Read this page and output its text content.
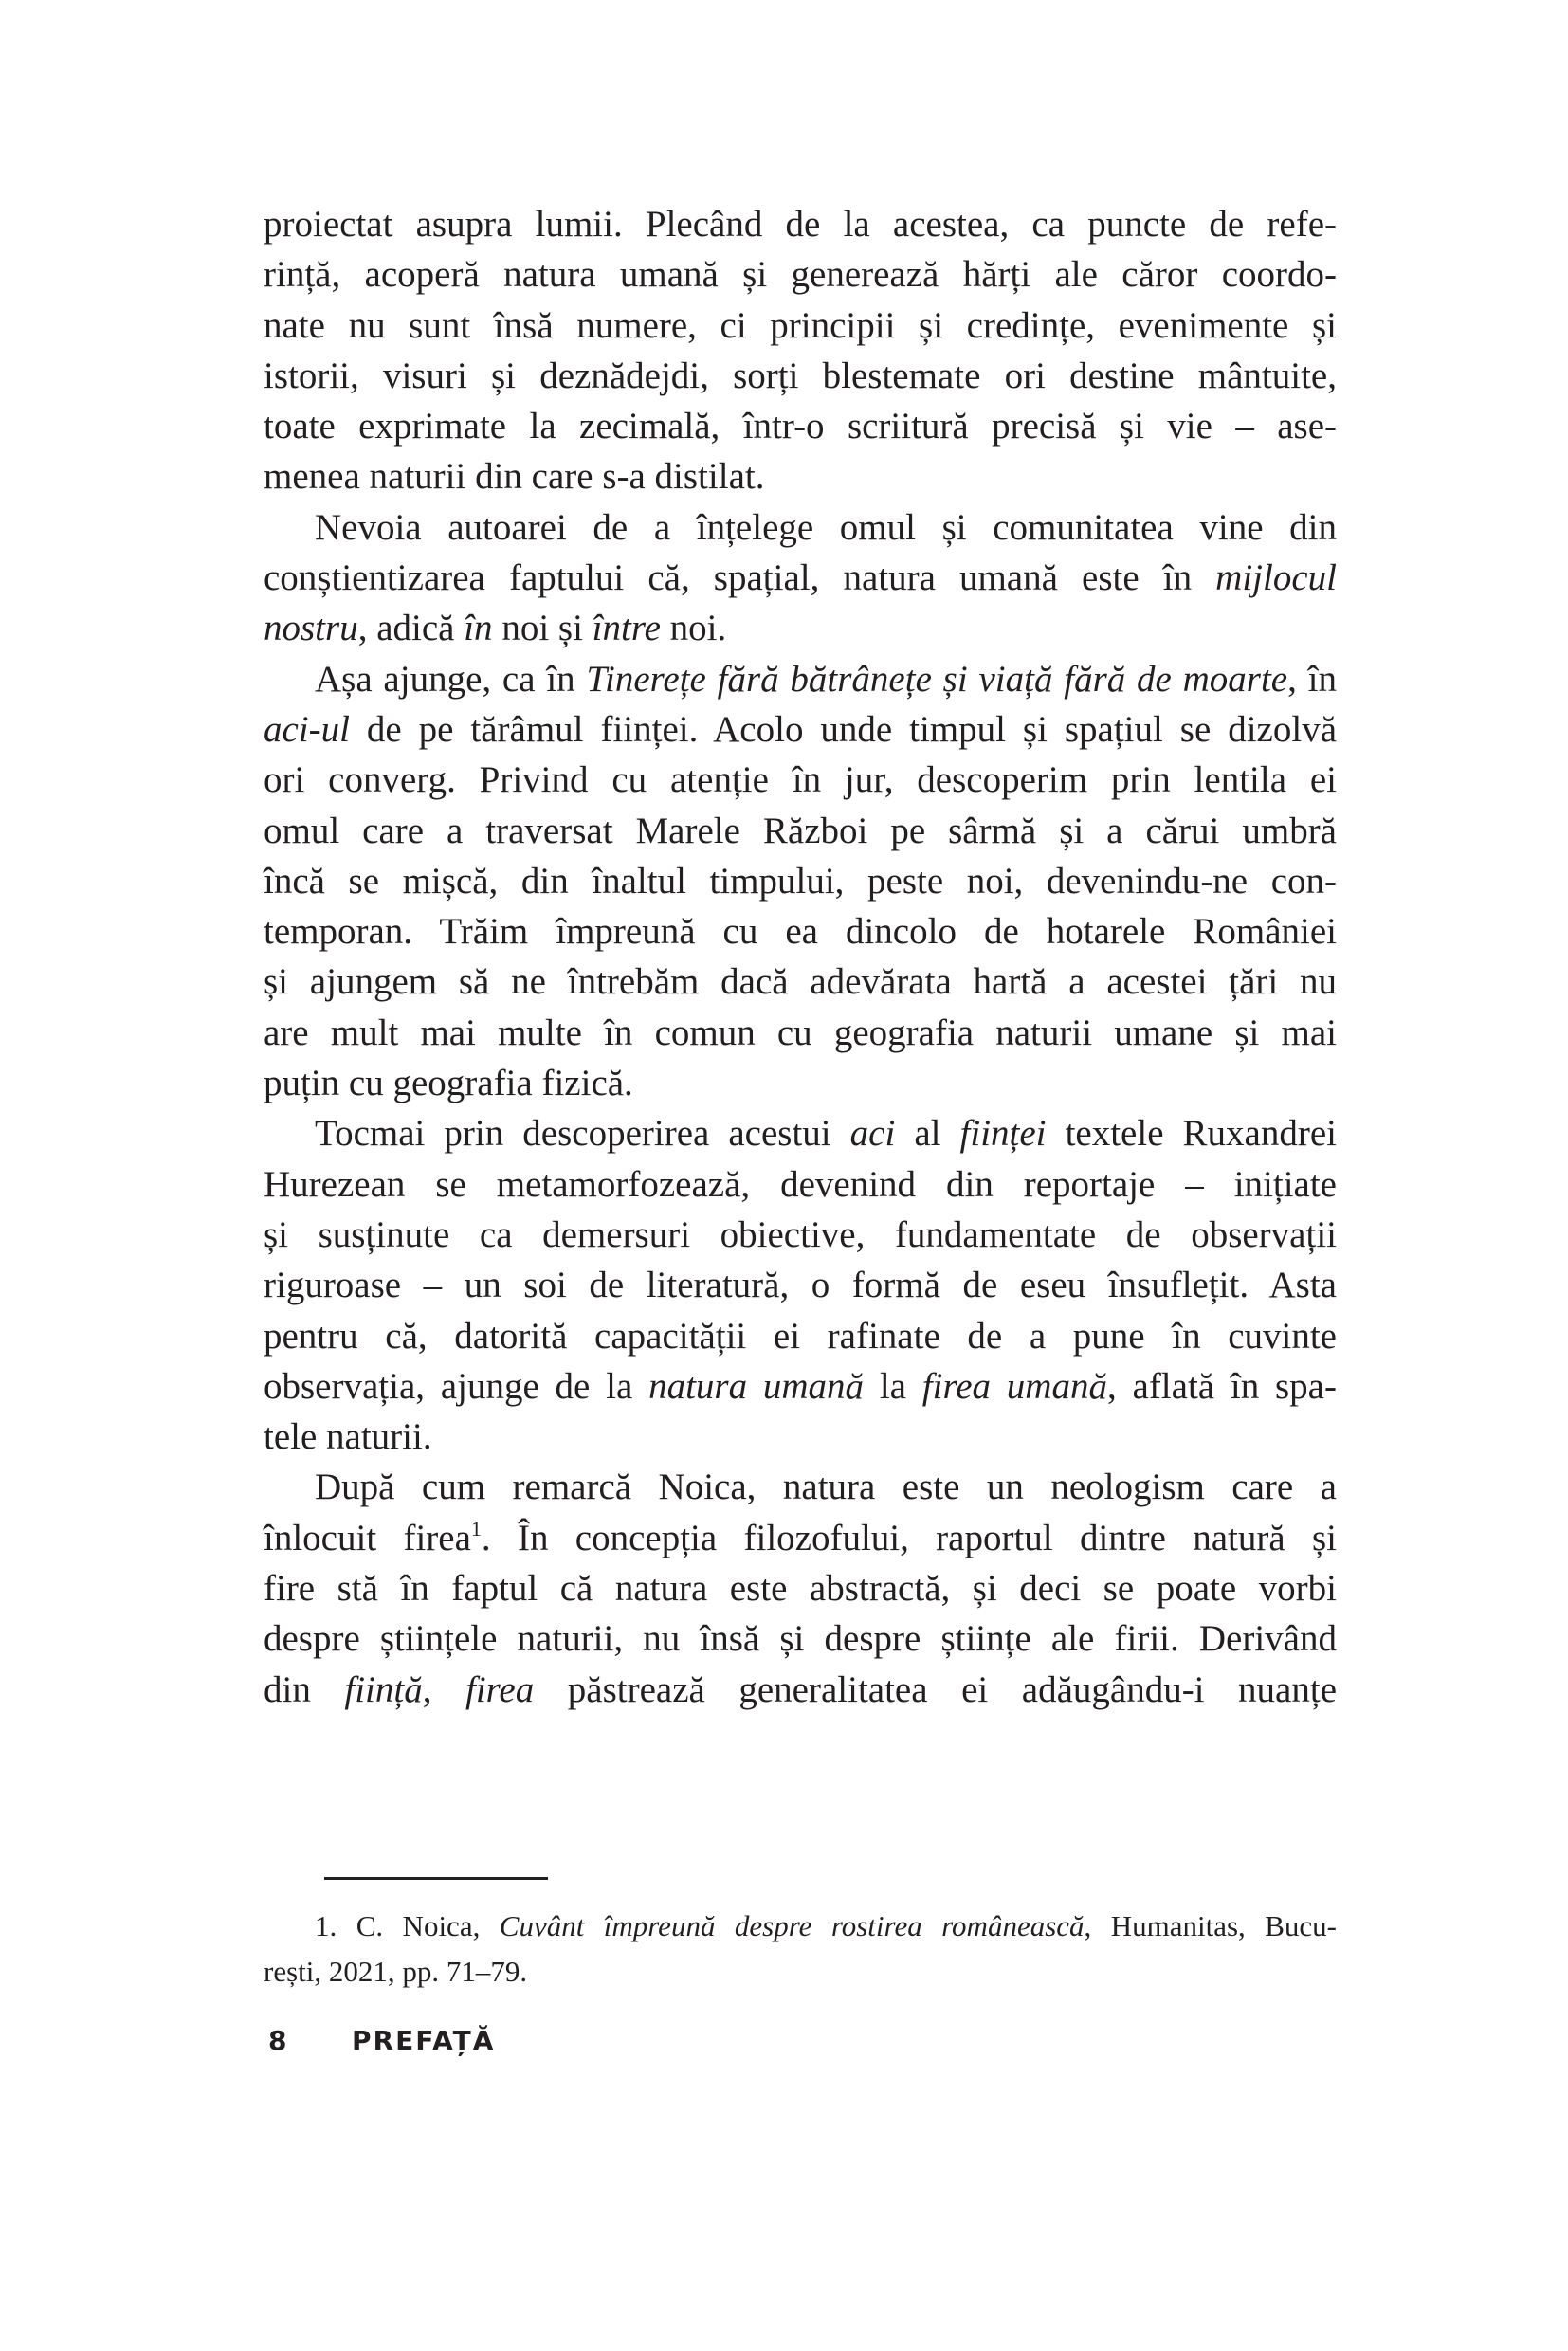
proiectat asupra lumii. Plecând de la acestea, ca puncte de refe-
rință, acoperă natura umană și generează hărți ale căror coordo-
nate nu sunt însă numere, ci principii și credințe, evenimente și
istorii, visuri și deznădejdi, sorți blestemate ori destine mântuite,
toate exprimate la zecimală, într-o scriitură precisă și vie – ase-
menea naturii din care s-a distilat.
Nevoia autoarei de a înțelege omul și comunitatea vine din
conștientizarea faptului că, spațial, natura umană este în mijlocul
nostru, adică în noi și între noi.
Așa ajunge, ca în Tinerețe fără bătrânețe și viață fără de moarte, în
aci-ul de pe tărâmul ființei. Acolo unde timpul și spațiul se dizolvă
ori converg. Privind cu atenție în jur, descoperim prin lentila ei
omul care a traversat Marele Război pe sârmă și a cărui umbră
încă se mișcă, din înaltul timpului, peste noi, devenindu-ne con-
temporan. Trăim împreună cu ea dincolo de hotarele României
și ajungem să ne întrebăm dacă adevărata hartă a acestei țări nu
are mult mai multe în comun cu geografia naturii umane și mai
puțin cu geografia fizică.
Tocmai prin descoperirea acestui aci al ființei textele Ruxandrei
Hurezean se metamorfozează, devenind din reportaje – inițiate
și susținute ca demersuri obiective, fundamentate de observații
riguroase – un soi de literatură, o formă de eseu însuflețit. Asta
pentru că, datorită capacității ei rafinate de a pune în cuvinte
observația, ajunge de la natura umană la firea umană, aflată în spa-
tele naturii.
După cum remarcă Noica, natura este un neologism care a
înlocuit firea$^1$. În concepția filozofului, raportul dintre natură și
fire stă în faptul că natura este abstractă, și deci se poate vorbi
despre științele naturii, nu însă și despre științe ale firii. Derivând
din ființă, firea păstrează generalitatea ei adăugându-i nuanțe
1. C. Noica, Cuvânt împreună despre rostirea românească, Humanitas, Bucu-
rești, 2021, pp. 71–79.
8 PREFAȚĂ
